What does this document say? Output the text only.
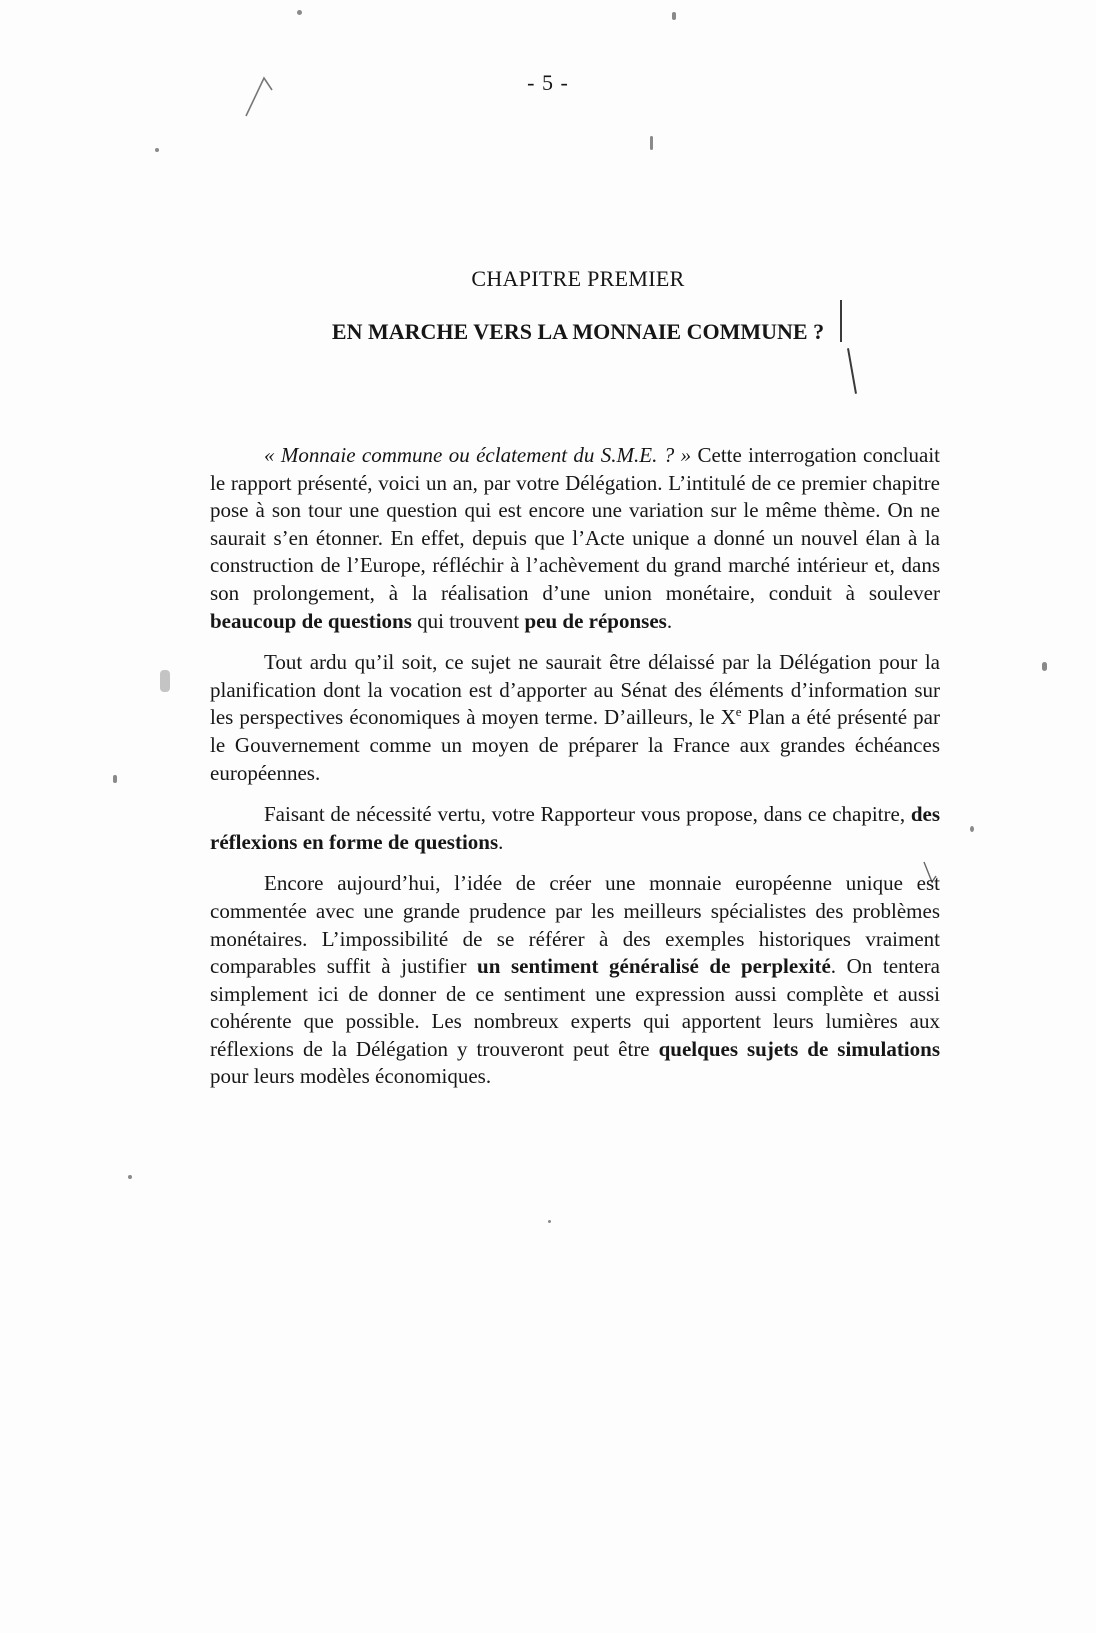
- 5 -
CHAPITRE PREMIER
EN MARCHE VERS LA MONNAIE COMMUNE ?

« Monnaie commune ou éclatement du S.M.E. ? » Cette interrogation concluait le rapport présenté, voici un an, par votre Délégation. L’intitulé de ce premier chapitre pose à son tour une question qui est encore une variation sur le même thème. On ne saurait s’en étonner. En effet, depuis que l’Acte unique a donné un nouvel élan à la construction de l’Europe, réfléchir à l’achèvement du grand marché intérieur et, dans son prolongement, à la réalisation d’une union monétaire, conduit à soulever beaucoup de questions qui trouvent peu de réponses.

Tout ardu qu’il soit, ce sujet ne saurait être délaissé par la Délégation pour la planification dont la vocation est d’apporter au Sénat des éléments d’information sur les perspectives économiques à moyen terme. D’ailleurs, le Xe Plan a été présenté par le Gouvernement comme un moyen de préparer la France aux grandes échéances européennes.

Faisant de nécessité vertu, votre Rapporteur vous propose, dans ce chapitre, des réflexions en forme de questions.

Encore aujourd’hui, l’idée de créer une monnaie européenne unique est commentée avec une grande prudence par les meilleurs spécialistes des problèmes monétaires. L’impossibilité de se référer à des exemples historiques vraiment comparables suffit à justifier un sentiment généralisé de perplexité. On tentera simplement ici de donner de ce sentiment une expression aussi complète et aussi cohérente que possible. Les nombreux experts qui apportent leurs lumières aux réflexions de la Délégation y trouveront peut être quelques sujets de simulations pour leurs modèles économiques.
